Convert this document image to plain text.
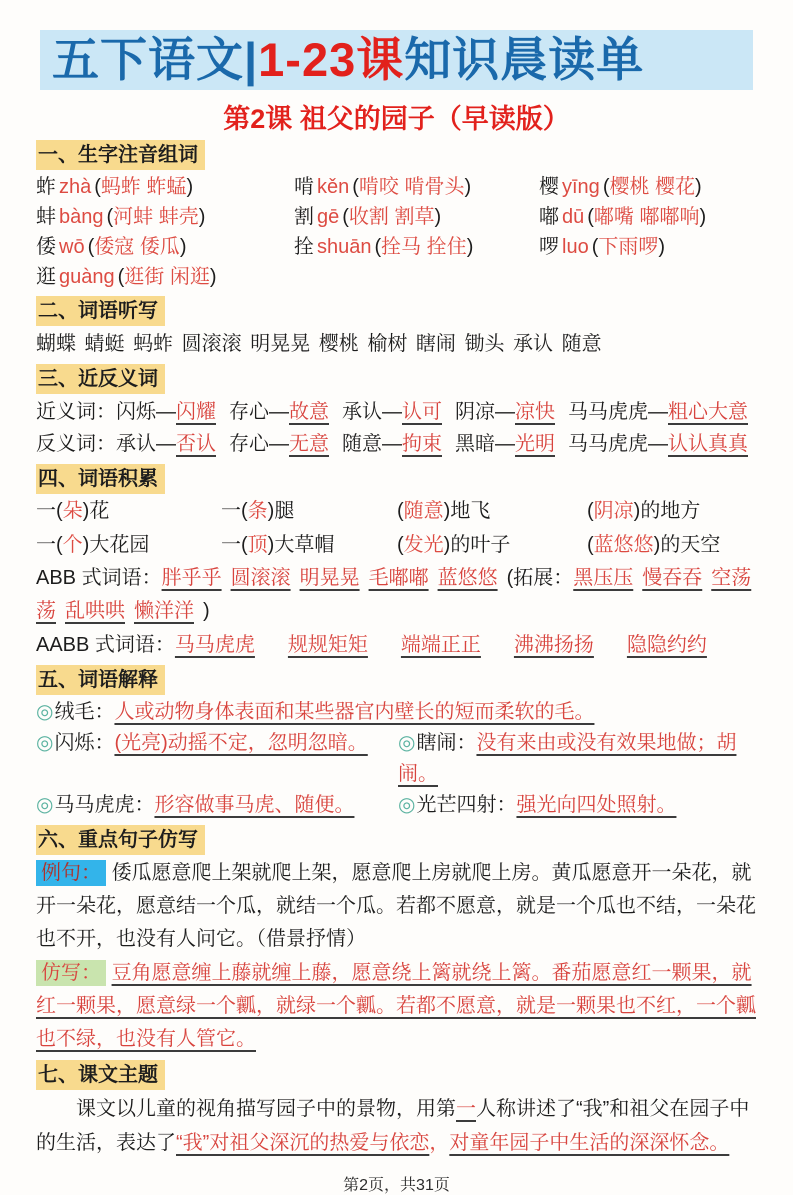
五下语文|1-23课知识晨读单
第2课 祖父的园子（早读版）
一、生字注音组词
蚱 zhà (蚂蚱 蚱蜢)	啃 kěn (啃咬 啃骨头)	樱 yīng (樱桃 樱花)
蚌 bàng (河蚌 蚌壳)	割 gē (收割 割草)	嘟 dū (嘟嘴 嘟嘟响)
倭 wō (倭寇 倭瓜)	拴 shuān (拴马 拴住)	啰 luo (下雨啰)
逛 guàng (逛街 闲逛)
二、词语听写
蝴蝶 蜻蜓 蚂蚱 圆滚滚 明晃晃 樱桃 榆树 瞎闹 锄头 承认 随意
三、近反义词
近义词：闪烁—闪耀 存心—故意 承认—认可 阴凉—凉快 马马虎虎—粗心大意
反义词：承认—否认 存心—无意 随意—拘束 黑暗—光明 马马虎虎—认认真真
四、词语积累
一(朵)花	一(条)腿	(随意)地飞	(阴凉)的地方
一(个)大花园	一(顶)大草帽	(发光)的叶子	(蓝悠悠)的天空
ABB 式词语：胖乎乎 圆滚滚 明晃晃 毛嘟嘟 蓝悠悠 (拓展：黑压压 慢吞吞 空荡荡 乱哄哄 懒洋洋 )
AABB 式词语：马马虎虎 规规矩矩 端端正正 沸沸扬扬 隐隐约约
五、词语解释
◎绒毛：人或动物身体表面和某些器官内壁长的短而柔软的毛。
◎闪烁：(光亮)动摇不定，忽明忽暗。	◎瞎闹：没有来由或没有效果地做；胡闹。
◎马马虎虎：形容做事马虎、随便。	◎光芒四射：强光向四处照射。
六、重点句子仿写
例句： 倭瓜愿意爬上架就爬上架，愿意爬上房就爬上房。黄瓜愿意开一朵花，就开一朵花，愿意结一个瓜，就结一个瓜。若都不愿意，就是一个瓜也不结，一朵花也不开，也没有人问它。（借景抒情）
仿写： 豆角愿意缠上藤就缠上藤，愿意绕上篱就绕上篱。番茄愿意红一颗果，就红一颗果，愿意绿一个瓤，就绿一个瓤。若都不愿意，就是一颗果也不红，一个瓤也不绿，也没有人管它。
七、课文主题
课文以儿童的视角描写园子中的景物，用第一人称讲述了“我”和祖父在园子中的生活，表达了“我”对祖父深沉的热爱与依恋，对童年园子中生活的深深怀念。
第2页，共31页
